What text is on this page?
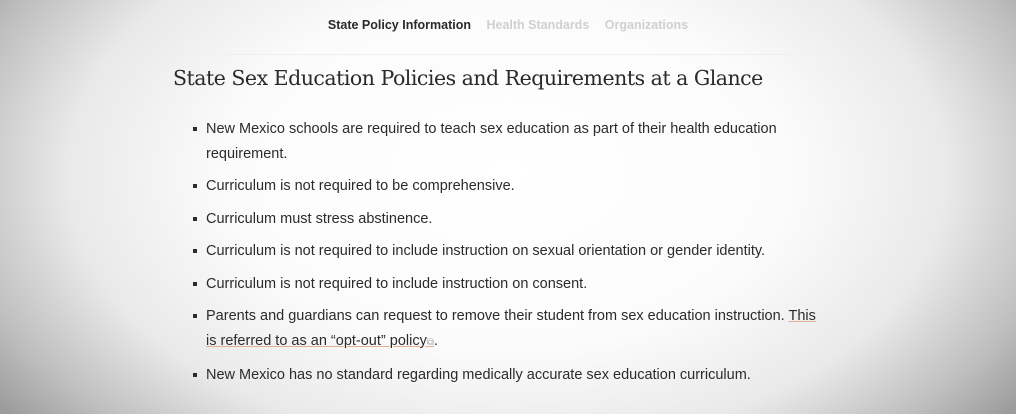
State Policy Information Health Standards Organizations
State Sex Education Policies and Requirements at a Glance
New Mexico schools are required to teach sex education as part of their health education requirement.
Curriculum is not required to be comprehensive.
Curriculum must stress abstinence.
Curriculum is not required to include instruction on sexual orientation or gender identity.
Curriculum is not required to include instruction on consent.
Parents and guardians can request to remove their student from sex education instruction. This is referred to as an “opt-out” policy⧉.
New Mexico has no standard regarding medically accurate sex education curriculum.
